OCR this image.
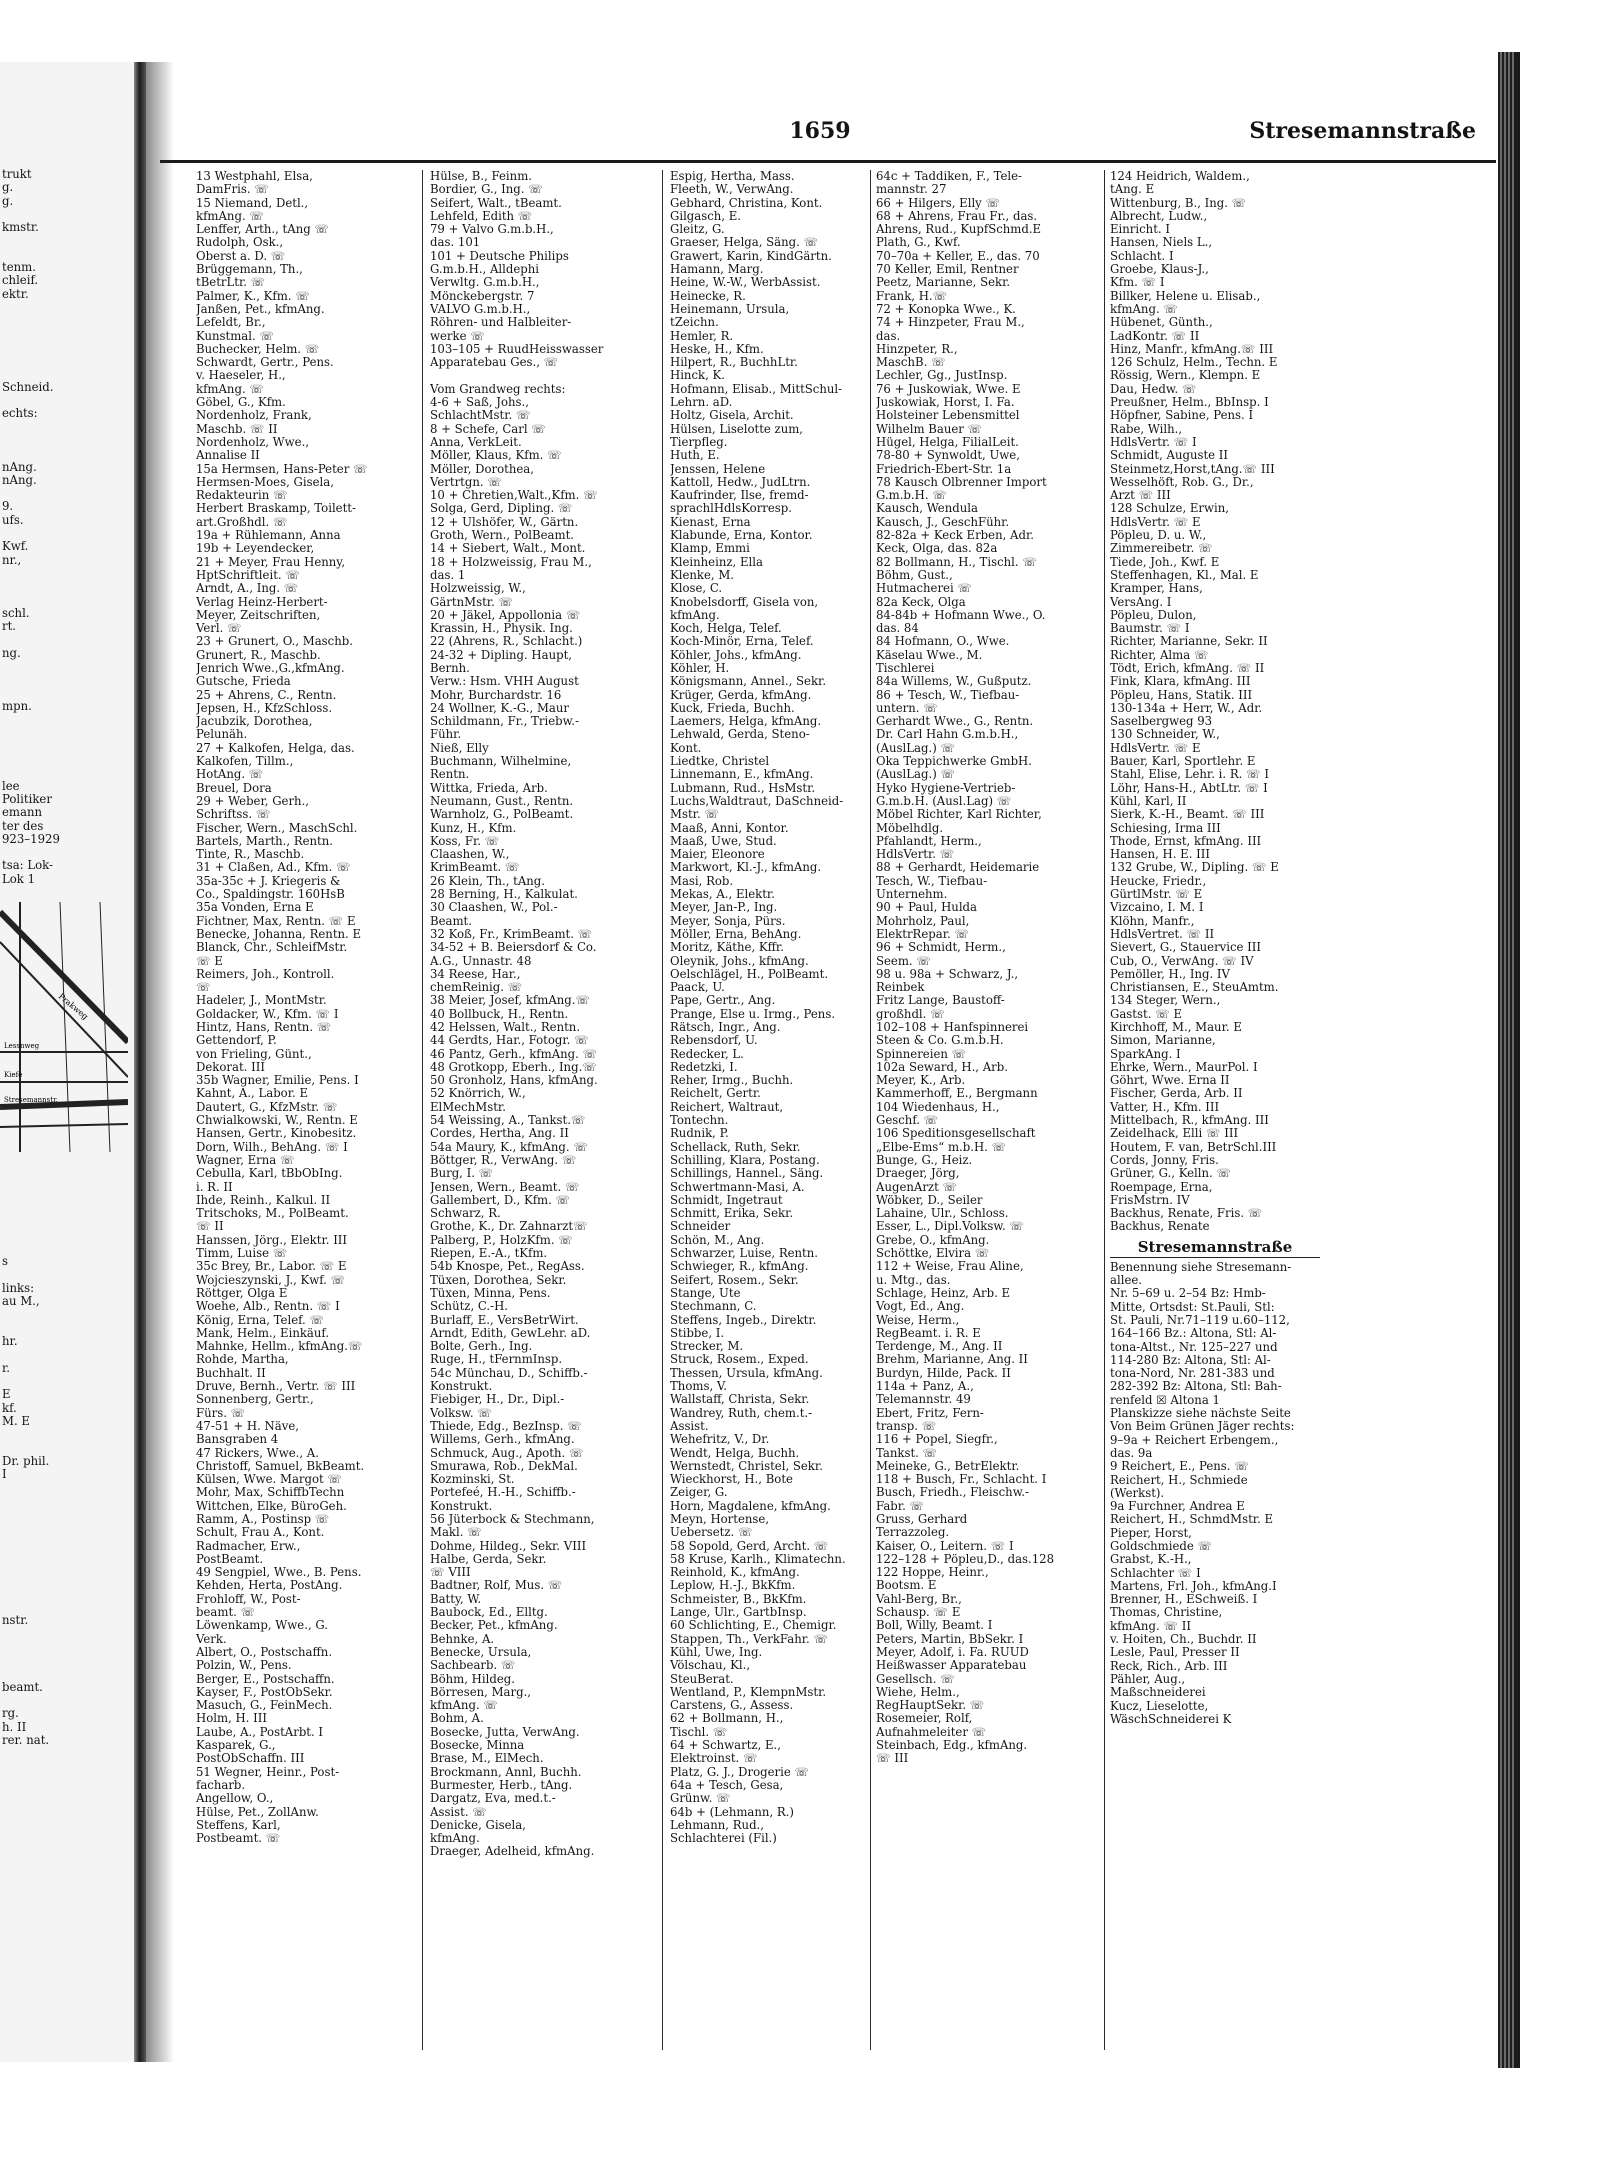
trukt
g.
g.
kmstr.
tenm.
chleif.
ektr.
Schneid.
echts:
nAng.
nAng.
9.
ufs.
Kwf.
nr.,
schl.
rt.
ng.
mpn.
lee
Politiker
emann
ter des
923–1929
tsa: Lok-
Lok 1
Prakweg
Lessnweg
Stresemannstr.
Kiefe
s
links:
au M.,
hr.
r.
E
kf.
M. E
Dr. phil.
I
nstr.
beamt.
rg.
h. II
rer. nat.
1659	Stresemannstraße
13 Westphahl, Elsa,
DamFris. ☏
15 Niemand, Detl.,
kfmAng. ☏
Lenffer, Arth., tAng ☏
Rudolph, Osk.,
Oberst a. D. ☏
Brüggemann, Th.,
tBetrLtr. ☏
Palmer, K., Kfm. ☏
Janßen, Pet., kfmAng.
Lefeldt, Br.,
Kunstmal. ☏
Buchecker, Helm. ☏
Schwardt, Gertr., Pens.
v. Haeseler, H.,
kfmAng. ☏
Göbel, G., Kfm.
Nordenholz, Frank,
Maschb. ☏ II
Nordenholz, Wwe.,
Annalise II
15a Hermsen, Hans-Peter ☏
Hermsen-Moes, Gisela,
Redakteurin ☏
Herbert Braskamp, Toilett-
art.Großhdl. ☏
19a + Rühlemann, Anna
19b + Leyendecker,
21 + Meyer, Frau Henny,
HptSchriftleit. ☏
Arndt, A., Ing. ☏
Verlag Heinz-Herbert-
Meyer, Zeitschriften,
Verl. ☏
23 + Grunert, O., Maschb.
Grunert, R., Maschb.
Jenrich Wwe.,G.,kfmAng.
Gutsche, Frieda
25 + Ahrens, C., Rentn.
Jepsen, H., KfzSchloss.
Jacubzik, Dorothea,
Pelunäh.
27 + Kalkofen, Helga, das.
Kalkofen, Tillm.,
HotAng. ☏
Breuel, Dora
29 + Weber, Gerh.,
Schriftss. ☏
Fischer, Wern., MaschSchl.
Bartels, Marth., Rentn.
Tinte, R., Maschb.
31 + Claßen, Ad., Kfm. ☏
35a-35c + J. Kriegeris &
Co., Spaldingstr. 160HsB
35a Vonden, Erna E
Fichtner, Max, Rentn. ☏ E
Benecke, Johanna, Rentn. E
Blanck, Chr., SchleifMstr.
☏ E
Reimers, Joh., Kontroll.
☏
Hadeler, J., MontMstr.
Goldacker, W., Kfm. ☏ I
Hintz, Hans, Rentn. ☏
Gettendorf, P.
von Frieling, Günt.,
Dekorat. III
35b Wagner, Emilie, Pens. I
Kahnt, A., Labor. E
Dautert, G., KfzMstr. ☏
Chwialkowski, W., Rentn. E
Hansen, Gertr., Kinobesitz.
Dorn, Wilh., BehAng. ☏ I
Wagner, Erna ☏
Cebulla, Karl, tBbObIng.
i. R. II
Ihde, Reinh., Kalkul. II
Tritschoks, M., PolBeamt.
☏ II
Hanssen, Jörg., Elektr. III
Timm, Luise ☏
35c Brey, Br., Labor. ☏ E
Wojcieszynski, J., Kwf. ☏
Röttger, Olga E
Woehe, Alb., Rentn. ☏ I
König, Erna, Telef. ☏
Mank, Helm., Einkäuf.
Mahnke, Hellm., kfmAng.☏
Rohde, Martha,
Buchhalt. II
Druve, Bernh., Vertr. ☏ III
Sonnenberg, Gertr.,
Fürs. ☏
47-51 + H. Näve,
Bansgraben 4
47 Rickers, Wwe., A.
Christoff, Samuel, BkBeamt.
Külsen, Wwe. Margot ☏
Mohr, Max, SchiffbTechn
Wittchen, Elke, BüroGeh.
Ramm, A., Postinsp ☏
Schult, Frau A., Kont.
Radmacher, Erw.,
PostBeamt.
49 Sengpiel, Wwe., B. Pens.
Kehden, Herta, PostAng.
Frohloff, W., Post-
beamt. ☏
Löwenkamp, Wwe., G.
Verk.
Albert, O., Postschaffn.
Polzin, W., Pens.
Berger, E., Postschaffn.
Kayser, F., PostObSekr.
Masuch, G., FeinMech.
Holm, H. III
Laube, A., PostArbt. I
Kasparek, G.,
PostObSchaffn. III
51 Wegner, Heinr., Post-
facharb.
Angellow, O.,
Hülse, Pet., ZollAnw.
Steffens, Karl,
Postbeamt. ☏
Hülse, B., Feinm.
Bordier, G., Ing. ☏
Seifert, Walt., tBeamt.
Lehfeld, Edith ☏
79 + Valvo G.m.b.H.,
das. 101
101 + Deutsche Philips
G.m.b.H., Alldephi
Verwltg. G.m.b.H.,
Mönckebergstr. 7
VALVO G.m.b.H.,
Röhren- und Halbleiter-
werke ☏
103–105 + RuudHeisswasser
Apparatebau Ges., ☏
Vom Grandweg rechts:
4-6 + Saß, Johs.,
SchlachtMstr. ☏
8 + Schefe, Carl ☏
Anna, VerkLeit.
Möller, Klaus, Kfm. ☏
Möller, Dorothea,
Vertrtgn. ☏
10 + Chretien,Walt.,Kfm. ☏
Solga, Gerd, Dipling. ☏
12 + Ulshöfer, W., Gärtn.
Groth, Wern., PolBeamt.
14 + Siebert, Walt., Mont.
18 + Holzweissig, Frau M.,
das. 1
Holzweissig, W.,
GärtnMstr. ☏
20 + Jäkel, Appollonia ☏
Krassin, H., Physik. Ing.
22 (Ahrens, R., Schlacht.)
24-32 + Dipling. Haupt,
Bernh.
Verw.: Hsm. VHH August
Mohr, Burchardstr. 16
24 Wollner, K.-G., Maur
Schildmann, Fr., Triebw.-
Führ.
Nieß, Elly
Buchmann, Wilhelmine,
Rentn.
Wittka, Frieda, Arb.
Neumann, Gust., Rentn.
Warnholz, G., PolBeamt.
Kunz, H., Kfm.
Koss, Fr. ☏
Claashen, W.,
KrimBeamt. ☏
26 Klein, Th., tAng.
28 Berning, H., Kalkulat.
30 Claashen, W., Pol.-
Beamt.
32 Koß, Fr., KrimBeamt. ☏
34-52 + B. Beiersdorf & Co.
A.G., Unnastr. 48
34 Reese, Har.,
chemReinig. ☏
38 Meier, Josef, kfmAng.☏
40 Bollbuck, H., Rentn.
42 Helssen, Walt., Rentn.
44 Gerdts, Har., Fotogr. ☏
46 Pantz, Gerh., kfmAng. ☏
48 Grotkopp, Eberh., Ing.☏
50 Gronholz, Hans, kfmAng.
52 Knörrich, W.,
ElMechMstr.
54 Weissing, A., Tankst.☏
Cordes, Hertha, Ang. II
54a Maury, K., kfmAng. ☏
Böttger, R., VerwAng. ☏
Burg, I. ☏
Jensen, Wern., Beamt. ☏
Gallembert, D., Kfm. ☏
Schwarz, R.
Grothe, K., Dr. Zahnarzt☏
Palberg, P., HolzKfm. ☏
Riepen, E.-A., tKfm.
54b Knospe, Pet., RegAss.
Tüxen, Dorothea, Sekr.
Tüxen, Minna, Pens.
Schütz, C.-H.
Burlaff, E., VersBetrWirt.
Arndt, Edith, GewLehr. aD.
Bolte, Gerh., Ing.
Ruge, H., tFernmInsp.
54c Münchau, D., Schiffb.-
Konstrukt.
Fiebiger, H., Dr., Dipl.-
Volksw. ☏
Thiede, Edg., BezInsp. ☏
Willems, Gerh., kfmAng.
Schmuck, Aug., Apoth. ☏
Smurawa, Rob., DekMal.
Kozminski, St.
Portefeé, H.-H., Schiffb.-
Konstrukt.
56 Jüterbock & Stechmann,
Makl. ☏
Dohme, Hildeg., Sekr. VIII
Halbe, Gerda, Sekr.
☏ VIII
Badtner, Rolf, Mus. ☏
Batty, W.
Baubock, Ed., Elltg.
Becker, Pet., kfmAng.
Behnke, A.
Benecke, Ursula,
Sachbearb. ☏
Böhm, Hildeg.
Börresen, Marg.,
kfmAng. ☏
Bohm, A.
Bosecke, Jutta, VerwAng.
Bosecke, Minna
Brase, M., ElMech.
Brockmann, Annl, Buchh.
Burmester, Herb., tAng.
Dargatz, Eva, med.t.-
Assist. ☏
Denicke, Gisela,
kfmAng.
Draeger, Adelheid, kfmAng.
Espig, Hertha, Mass.
Fleeth, W., VerwAng.
Gebhard, Christina, Kont.
Gilgasch, E.
Gleitz, G.
Graeser, Helga, Säng. ☏
Grawert, Karin, KindGärtn.
Hamann, Marg.
Heine, W.-W., WerbAssist.
Heinecke, R.
Heinemann, Ursula,
tZeichn.
Hemler, R.
Heske, H., Kfm.
Hilpert, R., BuchhLtr.
Hinck, K.
Hofmann, Elisab., MittSchul-
Lehrn. aD.
Holtz, Gisela, Archit.
Hülsen, Liselotte zum,
Tierpfleg.
Huth, E.
Jenssen, Helene
Kattoll, Hedw., JudLtrn.
Kaufrinder, Ilse, fremd-
sprachlHdlsKorresp.
Kienast, Erna
Klabunde, Erna, Kontor.
Klamp, Emmi
Kleinheinz, Ella
Klenke, M.
Klose, C.
Knobelsdorff, Gisela von,
kfmAng.
Koch, Helga, Telef.
Koch-Minör, Erna, Telef.
Köhler, Johs., kfmAng.
Köhler, H.
Königsmann, Annel., Sekr.
Krüger, Gerda, kfmAng.
Kuck, Frieda, Buchh.
Laemers, Helga, kfmAng.
Lehwald, Gerda, Steno-
Kont.
Liedtke, Christel
Linnemann, E., kfmAng.
Lubmann, Rud., HsMstr.
Luchs,Waldtraut, DaSchneid-
Mstr. ☏
Maaß, Anni, Kontor.
Maaß, Uwe, Stud.
Maier, Eleonore
Markwort, Kl.-J., kfmAng.
Masi, Rob.
Mekas, A., Elektr.
Meyer, Jan-P., Ing.
Meyer, Sonja, Pürs.
Möller, Erna, BehAng.
Moritz, Käthe, Kffr.
Oleynik, Johs., kfmAng.
Oelschlägel, H., PolBeamt.
Paack, U.
Pape, Gertr., Ang.
Prange, Else u. Irmg., Pens.
Rätsch, Ingr., Ang.
Rebensdorf, U.
Redecker, L.
Redetzki, I.
Reher, Irmg., Buchh.
Reichelt, Gertr.
Reichert, Waltraut,
Tontechn.
Rudnik, P.
Schellack, Ruth, Sekr.
Schilling, Klara, Postang.
Schillings, Hannel., Säng.
Schwertmann-Masi, A.
Schmidt, Ingetraut
Schmitt, Erika, Sekr.
Schneider
Schön, M., Ang.
Schwarzer, Luise, Rentn.
Schwieger, R., kfmAng.
Seifert, Rosem., Sekr.
Stange, Ute
Stechmann, C.
Steffens, Ingeb., Direktr.
Stibbe, I.
Strecker, M.
Struck, Rosem., Exped.
Thessen, Ursula, kfmAng.
Thoms, V.
Wallstaff, Christa, Sekr.
Wandrey, Ruth, chem.t.-
Assist.
Wehefritz, V., Dr.
Wendt, Helga, Buchh.
Wernstedt, Christel, Sekr.
Wieckhorst, H., Bote
Zeiger, G.
Horn, Magdalene, kfmAng.
Meyn, Hortense,
Uebersetz. ☏
58 Sopold, Gerd, Archt. ☏
58 Kruse, Karlh., Klimatechn.
Reinhold, K., kfmAng.
Leplow, H.-J., BkKfm.
Schmeister, B., BkKfm.
Lange, Ulr., GartbInsp.
60 Schlichting, E., Chemigr.
Stappen, Th., VerkFahr. ☏
Kühl, Uwe, Ing.
Völschau, Kl.,
SteuBerat.
Wentland, P., KlempnMstr.
Carstens, G., Assess.
62 + Bollmann, H.,
Tischl. ☏
64 + Schwartz, E.,
Elektroinst. ☏
Platz, G. J., Drogerie ☏
64a + Tesch, Gesa,
Grünw. ☏
64b + (Lehmann, R.)
Lehmann, Rud.,
Schlachterei (Fil.)
64c + Taddiken, F., Tele-
mannstr. 27
66 + Hilgers, Elly ☏
68 + Ahrens, Frau Fr., das.
Ahrens, Rud., KupfSchmd.E
Plath, G., Kwf.
70–70a + Keller, E., das. 70
70 Keller, Emil, Rentner
Peetz, Marianne, Sekr.
Frank, H.☏
72 + Konopka Wwe., K.
74 + Hinzpeter, Frau M.,
das.
Hinzpeter, R.,
MaschB. ☏
Lechler, Gg., JustInsp.
76 + Juskowiak, Wwe. E
Juskowiak, Horst, I. Fa.
Holsteiner Lebensmittel
Wilhelm Bauer ☏
Hügel, Helga, FilialLeit.
78-80 + Synwoldt, Uwe,
Friedrich-Ebert-Str. 1a
78 Kausch Olbrenner Import
G.m.b.H. ☏
Kausch, Wendula
Kausch, J., GeschFühr.
82-82a + Keck Erben, Adr.
Keck, Olga, das. 82a
82 Bollmann, H., Tischl. ☏
Böhm, Gust.,
Hutmacherei ☏
82a Keck, Olga
84-84b + Hofmann Wwe., O.
das. 84
84 Hofmann, O., Wwe.
Käselau Wwe., M.
Tischlerei
84a Willems, W., Gußputz.
86 + Tesch, W., Tiefbau-
untern. ☏
Gerhardt Wwe., G., Rentn.
Dr. Carl Hahn G.m.b.H.,
(AuslLag.) ☏
Oka Teppichwerke GmbH.
(AuslLag.) ☏
Hyko Hygiene-Vertrieb-
G.m.b.H. (Ausl.Lag) ☏
Möbel Richter, Karl Richter,
Möbelhdlg.
Pfahlandt, Herm.,
HdlsVertr. ☏
88 + Gerhardt, Heidemarie
Tesch, W., Tiefbau-
Unternehm.
90 + Paul, Hulda
Mohrholz, Paul,
ElektrRepar. ☏
96 + Schmidt, Herm.,
Seem. ☏
98 u. 98a + Schwarz, J.,
Reinbek
Fritz Lange, Baustoff-
großhdl. ☏
102–108 + Hanfspinnerei
Steen & Co. G.m.b.H.
Spinnereien ☏
102a Seward, H., Arb.
Meyer, K., Arb.
Kammerhoff, E., Bergmann
104 Wiedenhaus, H.,
Geschf. ☏
106 Speditionsgesellschaft
„Elbe-Ems“ m.b.H. ☏
Bunge, G., Heiz.
Draeger, Jörg,
AugenArzt ☏
Wöbker, D., Seiler
Lahaine, Ulr., Schloss.
Esser, L., Dipl.Volksw. ☏
Grebe, O., kfmAng.
Schöttke, Elvira ☏
112 + Weise, Frau Aline,
u. Mtg., das.
Schlage, Heinz, Arb. E
Vogt, Ed., Ang.
Weise, Herm.,
RegBeamt. i. R. E
Terdenge, M., Ang. II
Brehm, Marianne, Ang. II
Burdyn, Hilde, Pack. II
114a + Panz, A.,
Telemannstr. 49
Ebert, Fritz, Fern-
transp. ☏
116 + Popel, Siegfr.,
Tankst. ☏
Meineke, G., BetrElektr.
118 + Busch, Fr., Schlacht. I
Busch, Friedh., Fleischw.-
Fabr. ☏
Gruss, Gerhard
Terrazzoleg.
Kaiser, O., Leitern. ☏ I
122–128 + Pöpleu,D., das.128
122 Hoppe, Heinr.,
Bootsm. E
Vahl-Berg, Br.,
Schausp. ☏ E
Boll, Willy, Beamt. I
Peters, Martin, BbSekr. I
Meyer, Adolf, i. Fa. RUUD
Heißwasser Apparatebau
Gesellsch. ☏
Wiehe, Helm.,
RegHauptSekr. ☏
Rosemeier, Rolf,
Aufnahmeleiter ☏
Steinbach, Edg., kfmAng.
☏ III
124 Heidrich, Waldem.,
tAng. E
Wittenburg, B., Ing. ☏
Albrecht, Ludw.,
Einricht. I
Hansen, Niels L.,
Schlacht. I
Groebe, Klaus-J.,
Kfm. ☏ I
Billker, Helene u. Elisab.,
kfmAng. ☏
Hübenet, Günth.,
LadKontr. ☏ II
Hinz, Manfr., kfmAng.☏ III
126 Schulz, Helm., Techn. E
Rössig, Wern., Klempn. E
Dau, Hedw. ☏
Preußner, Helm., BbInsp. I
Höpfner, Sabine, Pens. I
Rabe, Wilh.,
HdlsVertr. ☏ I
Schmidt, Auguste II
Steinmetz,Horst,tAng.☏ III
Wesselhöft, Rob. G., Dr.,
Arzt ☏ III
128 Schulze, Erwin,
HdlsVertr. ☏ E
Pöpleu, D. u. W.,
Zimmereibetr. ☏
Tiede, Joh., Kwf. E
Steffenhagen, Kl., Mal. E
Kramper, Hans,
VersAng. I
Pöpleu, Dulon,
Baumstr. ☏ I
Richter, Marianne, Sekr. II
Richter, Alma ☏
Tödt, Erich, kfmAng. ☏ II
Fink, Klara, kfmAng. III
Pöpleu, Hans, Statik. III
130-134a + Herr, W., Adr.
Saselbergweg 93
130 Schneider, W.,
HdlsVertr. ☏ E
Bauer, Karl, Sportlehr. E
Stahl, Elise, Lehr. i. R. ☏ I
Löhr, Hans-H., AbtLtr. ☏ I
Kühl, Karl, II
Sierk, K.-H., Beamt. ☏ III
Schiesing, Irma III
Thode, Ernst, kfmAng. III
Hansen, H. E. III
132 Grube, W., Dipling. ☏ E
Heucke, Friedr.,
GürtlMstr. ☏ E
Vizcaino, I. M. I
Klöhn, Manfr.,
HdlsVertret. ☏ II
Sievert, G., Stauervice III
Cub, O., VerwAng. ☏ IV
Pemöller, H., Ing. IV
Christiansen, E., SteuAmtm.
134 Steger, Wern.,
Gastst. ☏ E
Kirchhoff, M., Maur. E
Simon, Marianne,
SparkAng. I
Ehrke, Wern., MaurPol. I
Göhrt, Wwe. Erna II
Fischer, Gerda, Arb. II
Vatter, H., Kfm. III
Mittelbach, R., kfmAng. III
Zeidelhack, Elli ☏ III
Houtem, F. van, BetrSchl.III
Cords, Jonny, Fris.
Grüner, G., Kelln. ☏
Roempage, Erna,
FrisMstrn. IV
Backhus, Renate, Fris. ☏
Backhus, Renate
Stresemannstraße
Benennung siehe Stresemann-
allee.
Nr. 5–69 u. 2–54 Bz: Hmb-
Mitte, Ortsdst: St.Pauli, Stl:
St. Pauli, Nr.71–119 u.60–112,
164–166 Bz.: Altona, Stl: Al-
tona-Altst., Nr. 125–227 und
114-280 Bz: Altona, Stl: Al-
tona-Nord, Nr. 281-383 und
282-392 Bz: Altona, Stl: Bah-
renfeld ☒ Altona 1
Planskizze siehe nächste Seite
Von Beim Grünen Jäger rechts:
9–9a + Reichert Erbengem.,
das. 9a
9 Reichert, E., Pens. ☏
Reichert, H., Schmiede
(Werkst).
9a Furchner, Andrea E
Reichert, H., SchmdMstr. E
Pieper, Horst,
Goldschmiede ☏
Grabst, K.-H.,
Schlachter ☏ I
Martens, Frl. Joh., kfmAng.I
Brenner, H., ESchweiß. I
Thomas, Christine,
kfmAng. ☏ II
v. Hoiten, Ch., Buchdr. II
Lesle, Paul, Presser II
Reck, Rich., Arb. III
Pähler, Aug.,
Maßschneiderei
Kucz, Lieselotte,
WäschSchneiderei K
